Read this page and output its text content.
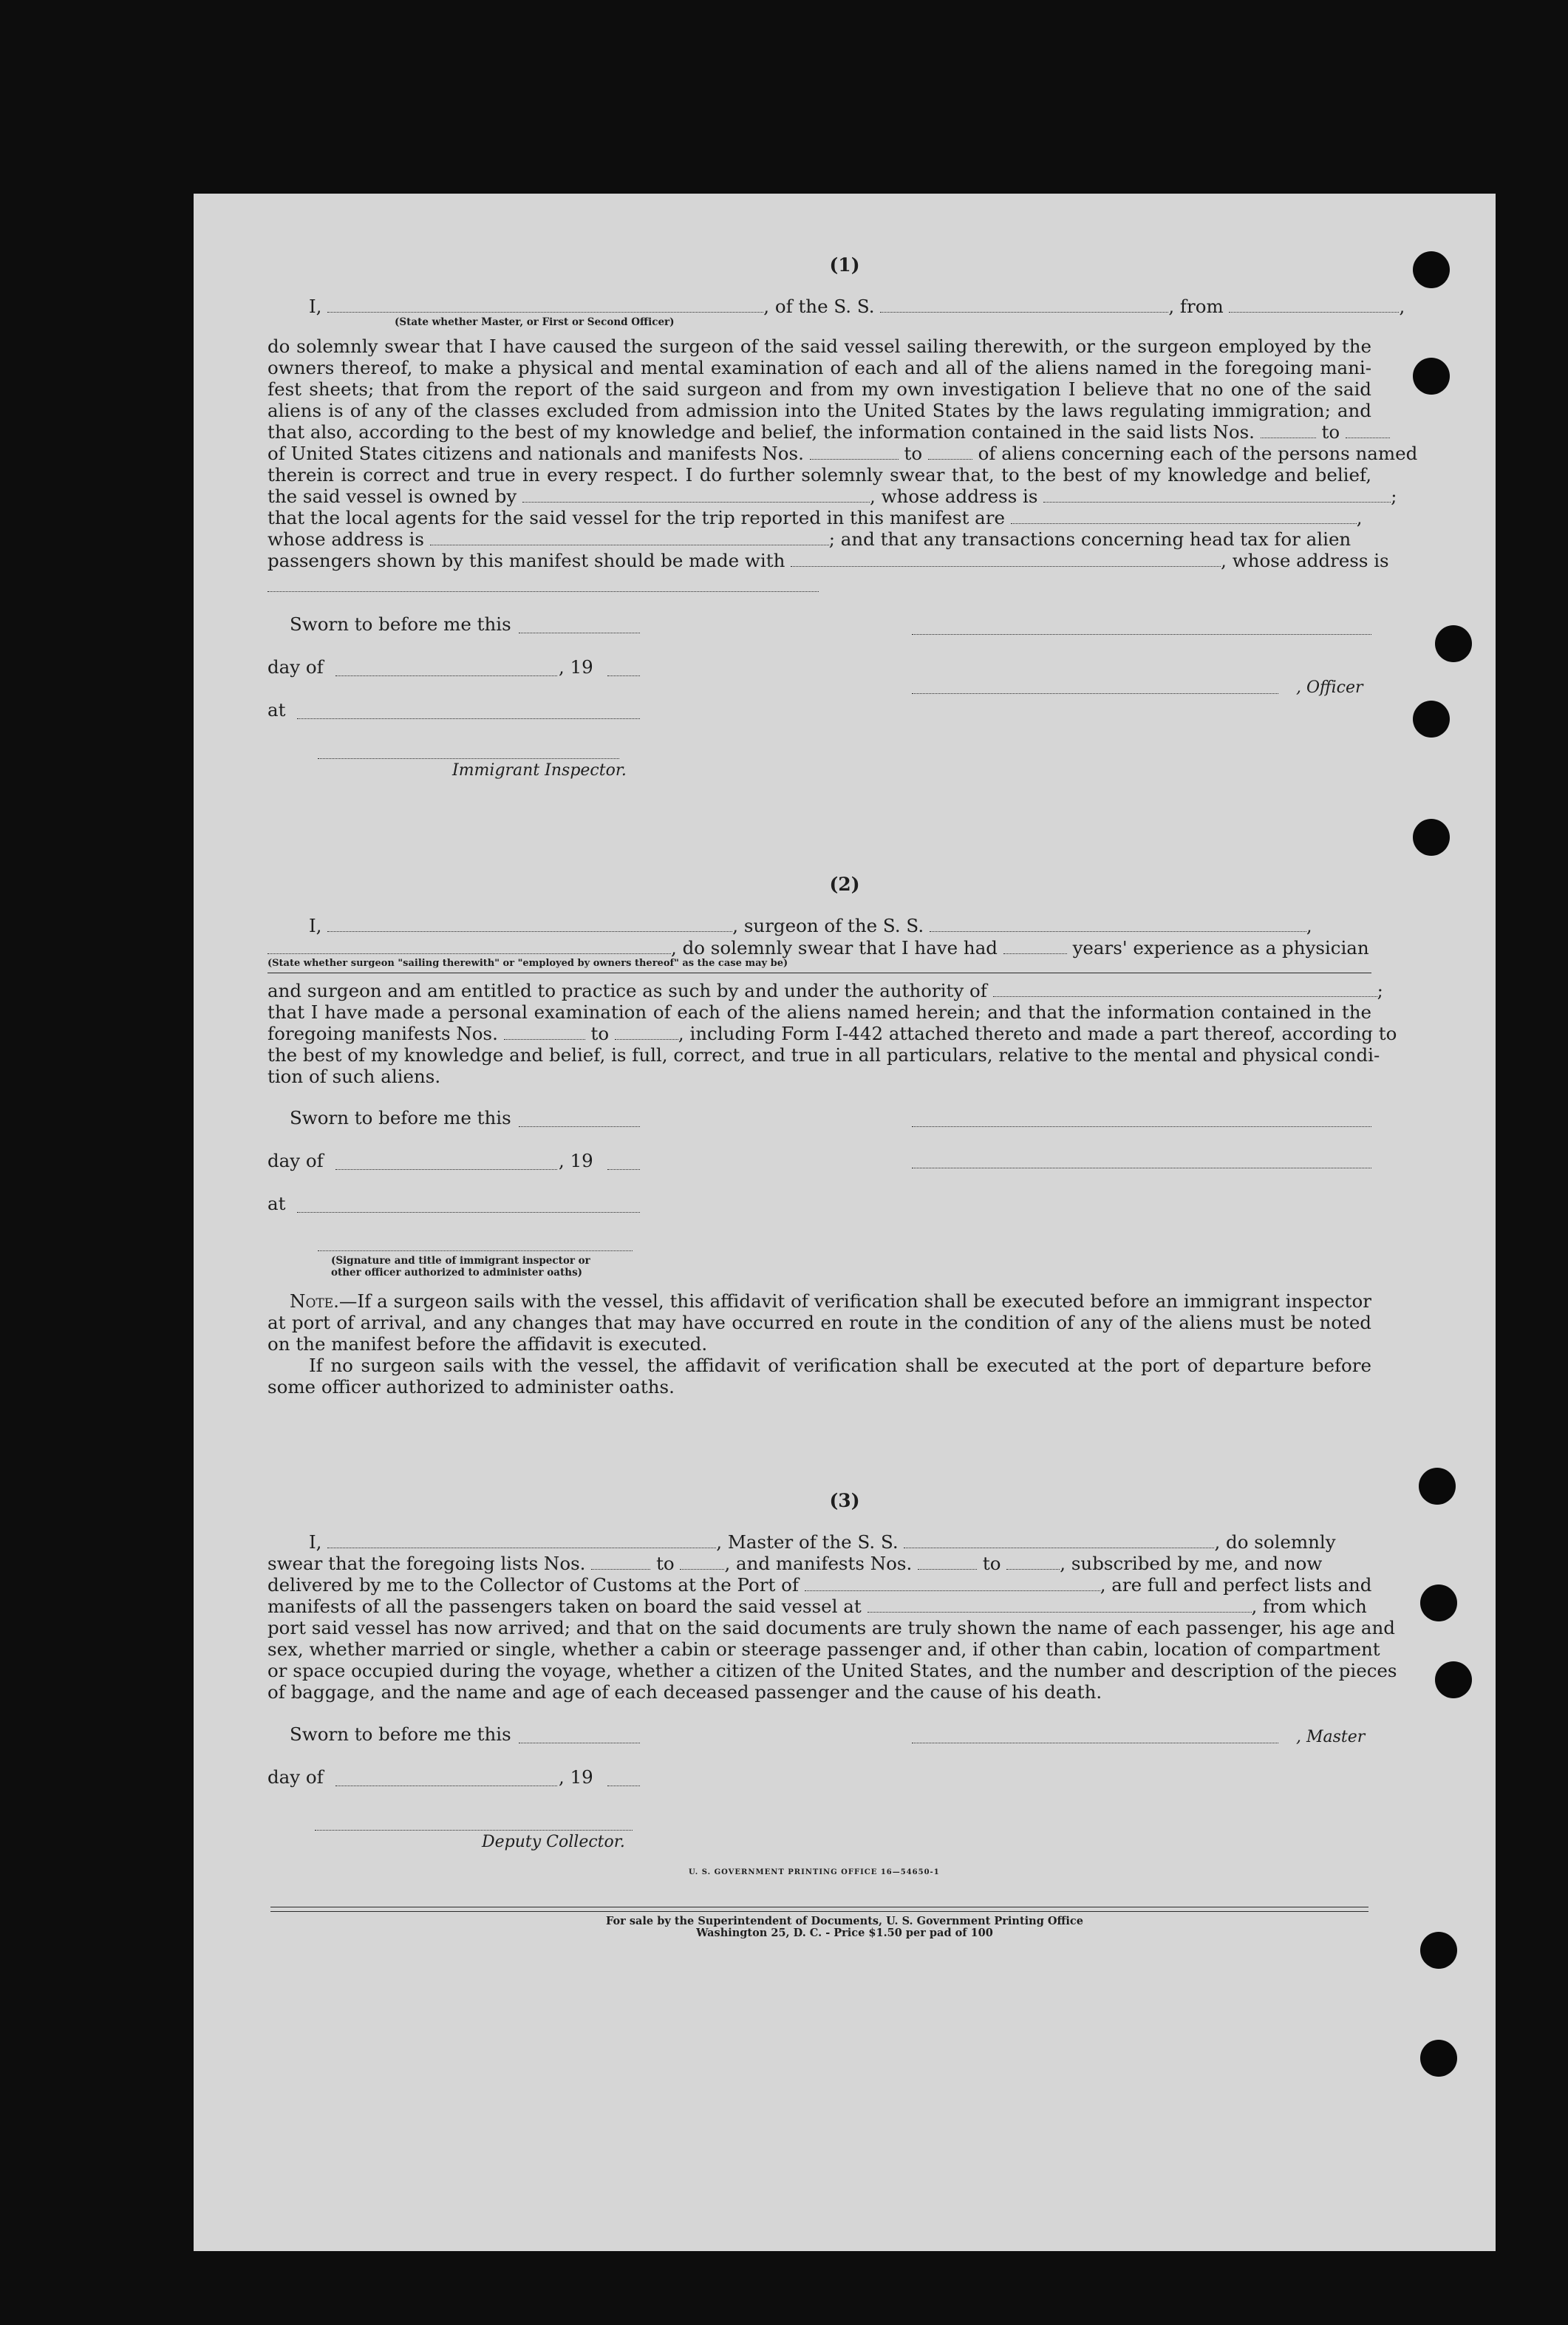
(1)
I,	, of the S. S.	, from	,
(State whether Master, or First or Second Officer)
do solemnly swear that I have caused the surgeon of the said vessel sailing therewith, or the surgeon employed by the
owners thereof, to make a physical and mental examination of each and all of the aliens named in the foregoing mani-
fest sheets; that from the report of the said surgeon and from my own investigation I believe that no one of the said
aliens is of any of the classes excluded from admission into the United States by the laws regulating immigration; and
that also, according to the best of my knowledge and belief, the information contained in the said lists Nos.	to
of United States citizens and nationals and manifests Nos.	to	of aliens concerning each of the persons named
therein is correct and true in every respect. I do further solemnly swear that, to the best of my knowledge and belief,
the said vessel is owned by	, whose address is	;
that the local agents for the said vessel for the trip reported in this manifest are	,
whose address is	; and that any transactions concerning head tax for alien
passengers shown by this manifest should be made with	, whose address is
Sworn to before me this
day of	, 19
at
Immigrant Inspector.
, Officer
(2)
I,	, surgeon of the S. S.	,
, do solemnly swear that I have had	years' experience as a physician
(State whether surgeon "sailing therewith" or "employed by owners thereof" as the case may be)
and surgeon and am entitled to practice as such by and under the authority of	;
that I have made a personal examination of each of the aliens named herein; and that the information contained in the
foregoing manifests Nos.	to	, including Form I-442 attached thereto and made a part thereof, according to
the best of my knowledge and belief, is full, correct, and true in all particulars, relative to the mental and physical condi-
tion of such aliens.
Sworn to before me this
day of	, 19
at
(Signature and title of immigrant inspector or
other officer authorized to administer oaths)
Note.—If a surgeon sails with the vessel, this affidavit of verification shall be executed before an immigrant inspector at port of arrival, and any changes that may have occurred en route in the condition of any of the aliens must be noted on the manifest before the affidavit is executed.
If no surgeon sails with the vessel, the affidavit of verification shall be executed at the port of departure before some officer authorized to administer oaths.
(3)
I,	, Master of the S. S.	, do solemnly
swear that the foregoing lists Nos.	to	, and manifests Nos.	to	, subscribed by me, and now
delivered by me to the Collector of Customs at the Port of	, are full and perfect lists and
manifests of all the passengers taken on board the said vessel at	, from which
port said vessel has now arrived; and that on the said documents are truly shown the name of each passenger, his age and
sex, whether married or single, whether a cabin or steerage passenger and, if other than cabin, location of compartment
or space occupied during the voyage, whether a citizen of the United States, and the number and description of the pieces
of baggage, and the name and age of each deceased passenger and the cause of his death.
Sworn to before me this
day of	, 19
Deputy Collector.
, Master
U. S. GOVERNMENT PRINTING OFFICE 16—54650-1
For sale by the Superintendent of Documents, U. S. Government Printing Office
Washington 25, D. C. - Price $1.50 per pad of 100
